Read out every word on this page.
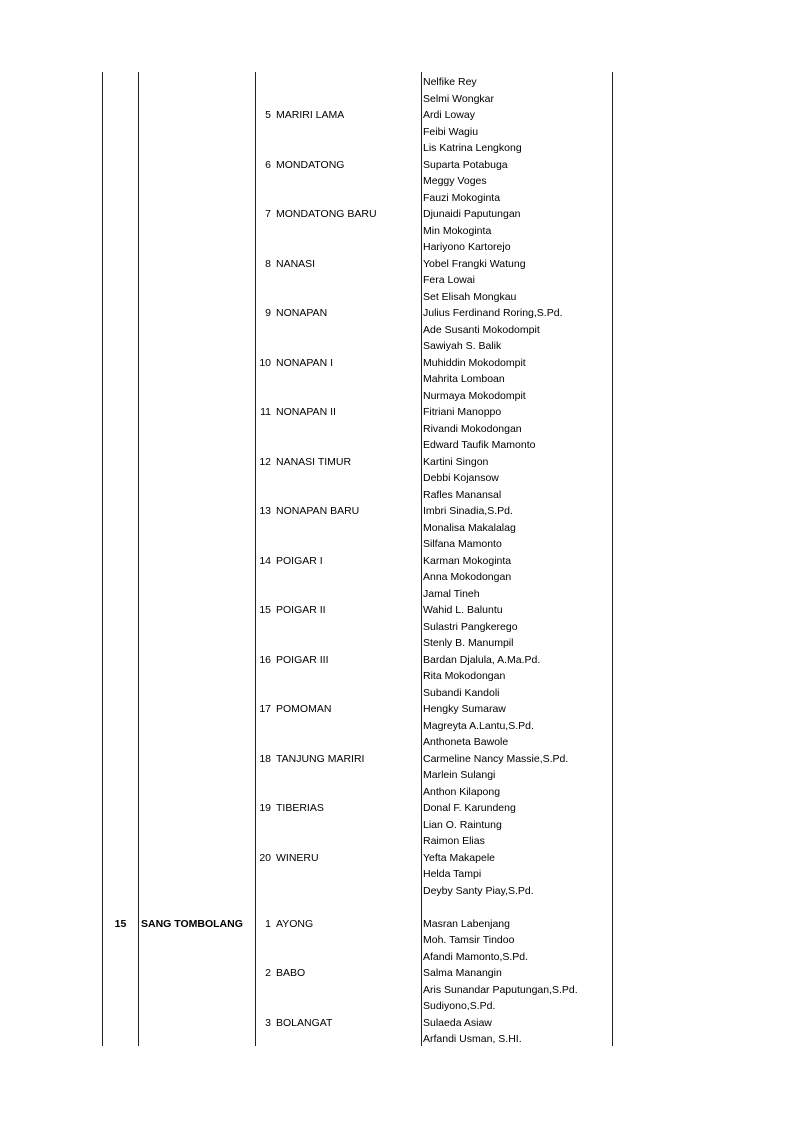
Nelfike Rey
Selmi Wongkar
5 MARIRI LAMA	Ardi Loway
Feibi Wagiu
Lis Katrina Lengkong
6 MONDATONG	Suparta Potabuga
Meggy Voges
Fauzi Mokoginta
7 MONDATONG BARU	Djunaidi Paputungan
Min Mokoginta
Hariyono Kartorejo
8 NANASI	Yobel Frangki Watung
Fera Lowai
Set Elisah Mongkau
9 NONAPAN	Julius Ferdinand Roring,S.Pd.
Ade Susanti Mokodompit
Sawiyah S. Balik
10 NONAPAN I	Muhiddin Mokodompit
Mahrita Lomboan
Nurmaya Mokodompit
11 NONAPAN II	Fitriani Manoppo
Rivandi Mokodongan
Edward Taufik Mamonto
12 NANASI TIMUR	Kartini Singon
Debbi Kojansow
Rafles Manansal
13 NONAPAN BARU	Imbri Sinadia,S.Pd.
Monalisa Makalalag
Silfana Mamonto
14 POIGAR I	Karman Mokoginta
Anna Mokodongan
Jamal Tineh
15 POIGAR II	Wahid L. Baluntu
Sulastri Pangkerego
Stenly B. Manumpil
16 POIGAR III	Bardan Djalula, A.Ma.Pd.
Rita Mokodongan
Subandi Kandoli
17 POMOMAN	Hengky Sumaraw
Magreyta A.Lantu,S.Pd.
Anthoneta Bawole
18 TANJUNG MARIRI	Carmeline Nancy Massie,S.Pd.
Marlein Sulangi
Anthon Kilapong
19 TIBERIAS	Donal F. Karundeng
Lian O. Raintung
Raimon Elias
20 WINERU	Yefta Makapele
Helda Tampi
Deyby Santy Piay,S.Pd.
15	SANG TOMBOLANG	1 AYONG	Masran Labenjang
Moh. Tamsir Tindoo
Afandi Mamonto,S.Pd.
2 BABO	Salma Manangin
Aris Sunandar Paputungan,S.Pd.
Sudiyono,S.Pd.
3 BOLANGAT	Sulaeda Asiaw
Arfandi Usman, S.HI.
